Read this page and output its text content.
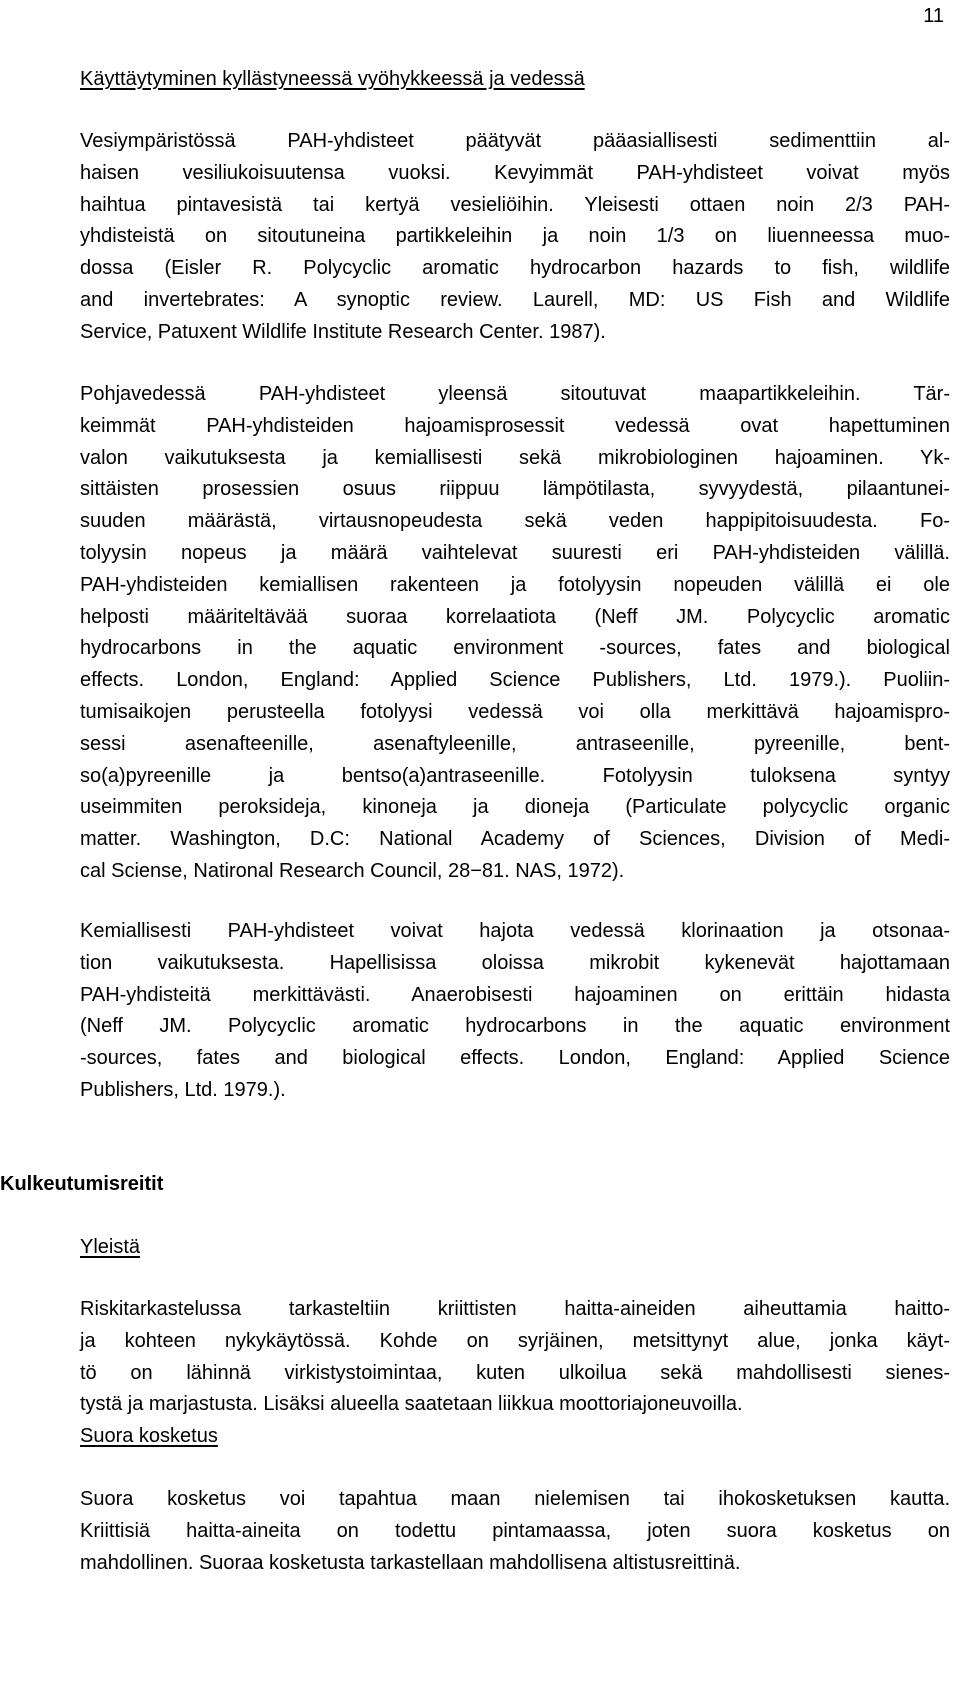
11
Käyttäytyminen kyllästyneessä vyöhykkeessä ja vedessä
Vesiympäristössä PAH-yhdisteet päätyvät pääasiallisesti sedimenttiin al-
haisen vesiliukoisuutensa vuoksi. Kevyimmät PAH-yhdisteet voivat myös
haihtua pintavesistä tai kertyä vesieliöihin. Yleisesti ottaen noin 2/3 PAH-
yhdisteistä on sitoutuneina partikkeleihin ja noin 1/3 on liuenneessa muo-
dossa (Eisler R. Polycyclic aromatic hydrocarbon hazards to fish, wildlife
and invertebrates: A synoptic review. Laurell, MD: US Fish and Wildlife
Service, Patuxent Wildlife Institute Research Center. 1987).
Pohjavedessä PAH-yhdisteet yleensä sitoutuvat maapartikkeleihin. Tär-
keimmät PAH-yhdisteiden hajoamisprosessit vedessä ovat hapettuminen
valon vaikutuksesta ja kemiallisesti sekä mikrobiologinen hajoaminen. Yk-
sittäisten prosessien osuus riippuu lämpötilasta, syvyydestä, pilaantunei-
suuden määrästä, virtausnopeudesta sekä veden happipitoisuudesta. Fo-
tolyysin nopeus ja määrä vaihtelevat suuresti eri PAH-yhdisteiden välillä.
PAH-yhdisteiden kemiallisen rakenteen ja fotolyysin nopeuden välillä ei ole
helposti määriteltävää suoraa korrelaatiota (Neff JM. Polycyclic aromatic
hydrocarbons in the aquatic environment -sources, fates and biological
effects. London, England: Applied Science Publishers, Ltd. 1979.). Puoliin-
tumisaikojen perusteella fotolyysi vedessä voi olla merkittävä hajoamispro-
sessi asenafteenille, asenaftyleenille, antraseenille, pyreenille, bent-
so(a)pyreenille ja bentso(a)antraseenille. Fotolyysin tuloksena syntyy
useimmiten peroksideja, kinoneja ja dioneja (Particulate polycyclic organic
matter. Washington, D.C: National Academy of Sciences, Division of Medi-
cal Sciense, Natironal Research Council, 28−81. NAS, 1972).
Kemiallisesti PAH-yhdisteet voivat hajota vedessä klorinaation ja otsonaa-
tion vaikutuksesta. Hapellisissa oloissa mikrobit kykenevät hajottamaan
PAH-yhdisteitä merkittävästi. Anaerobisesti hajoaminen on erittäin hidasta
(Neff JM. Polycyclic aromatic hydrocarbons in the aquatic environment
-sources, fates and biological effects. London, England: Applied Science
Publishers, Ltd. 1979.).
Kulkeutumisreitit
Yleistä
Riskitarkastelussa tarkasteltiin kriittisten haitta-aineiden aiheuttamia haitto-
ja kohteen nykykäytössä. Kohde on syrjäinen, metsittynyt alue, jonka käyt-
tö on lähinnä virkistystoimintaa, kuten ulkoilua sekä mahdollisesti sienes-
tystä ja marjastusta. Lisäksi alueella saatetaan liikkua moottoriajoneuvoilla.
Suora kosketus
Suora kosketus voi tapahtua maan nielemisen tai ihokosketuksen kautta.
Kriittisiä haitta-aineita on todettu pintamaassa, joten suora kosketus on
mahdollinen. Suoraa kosketusta tarkastellaan mahdollisena altistusreittinä.
